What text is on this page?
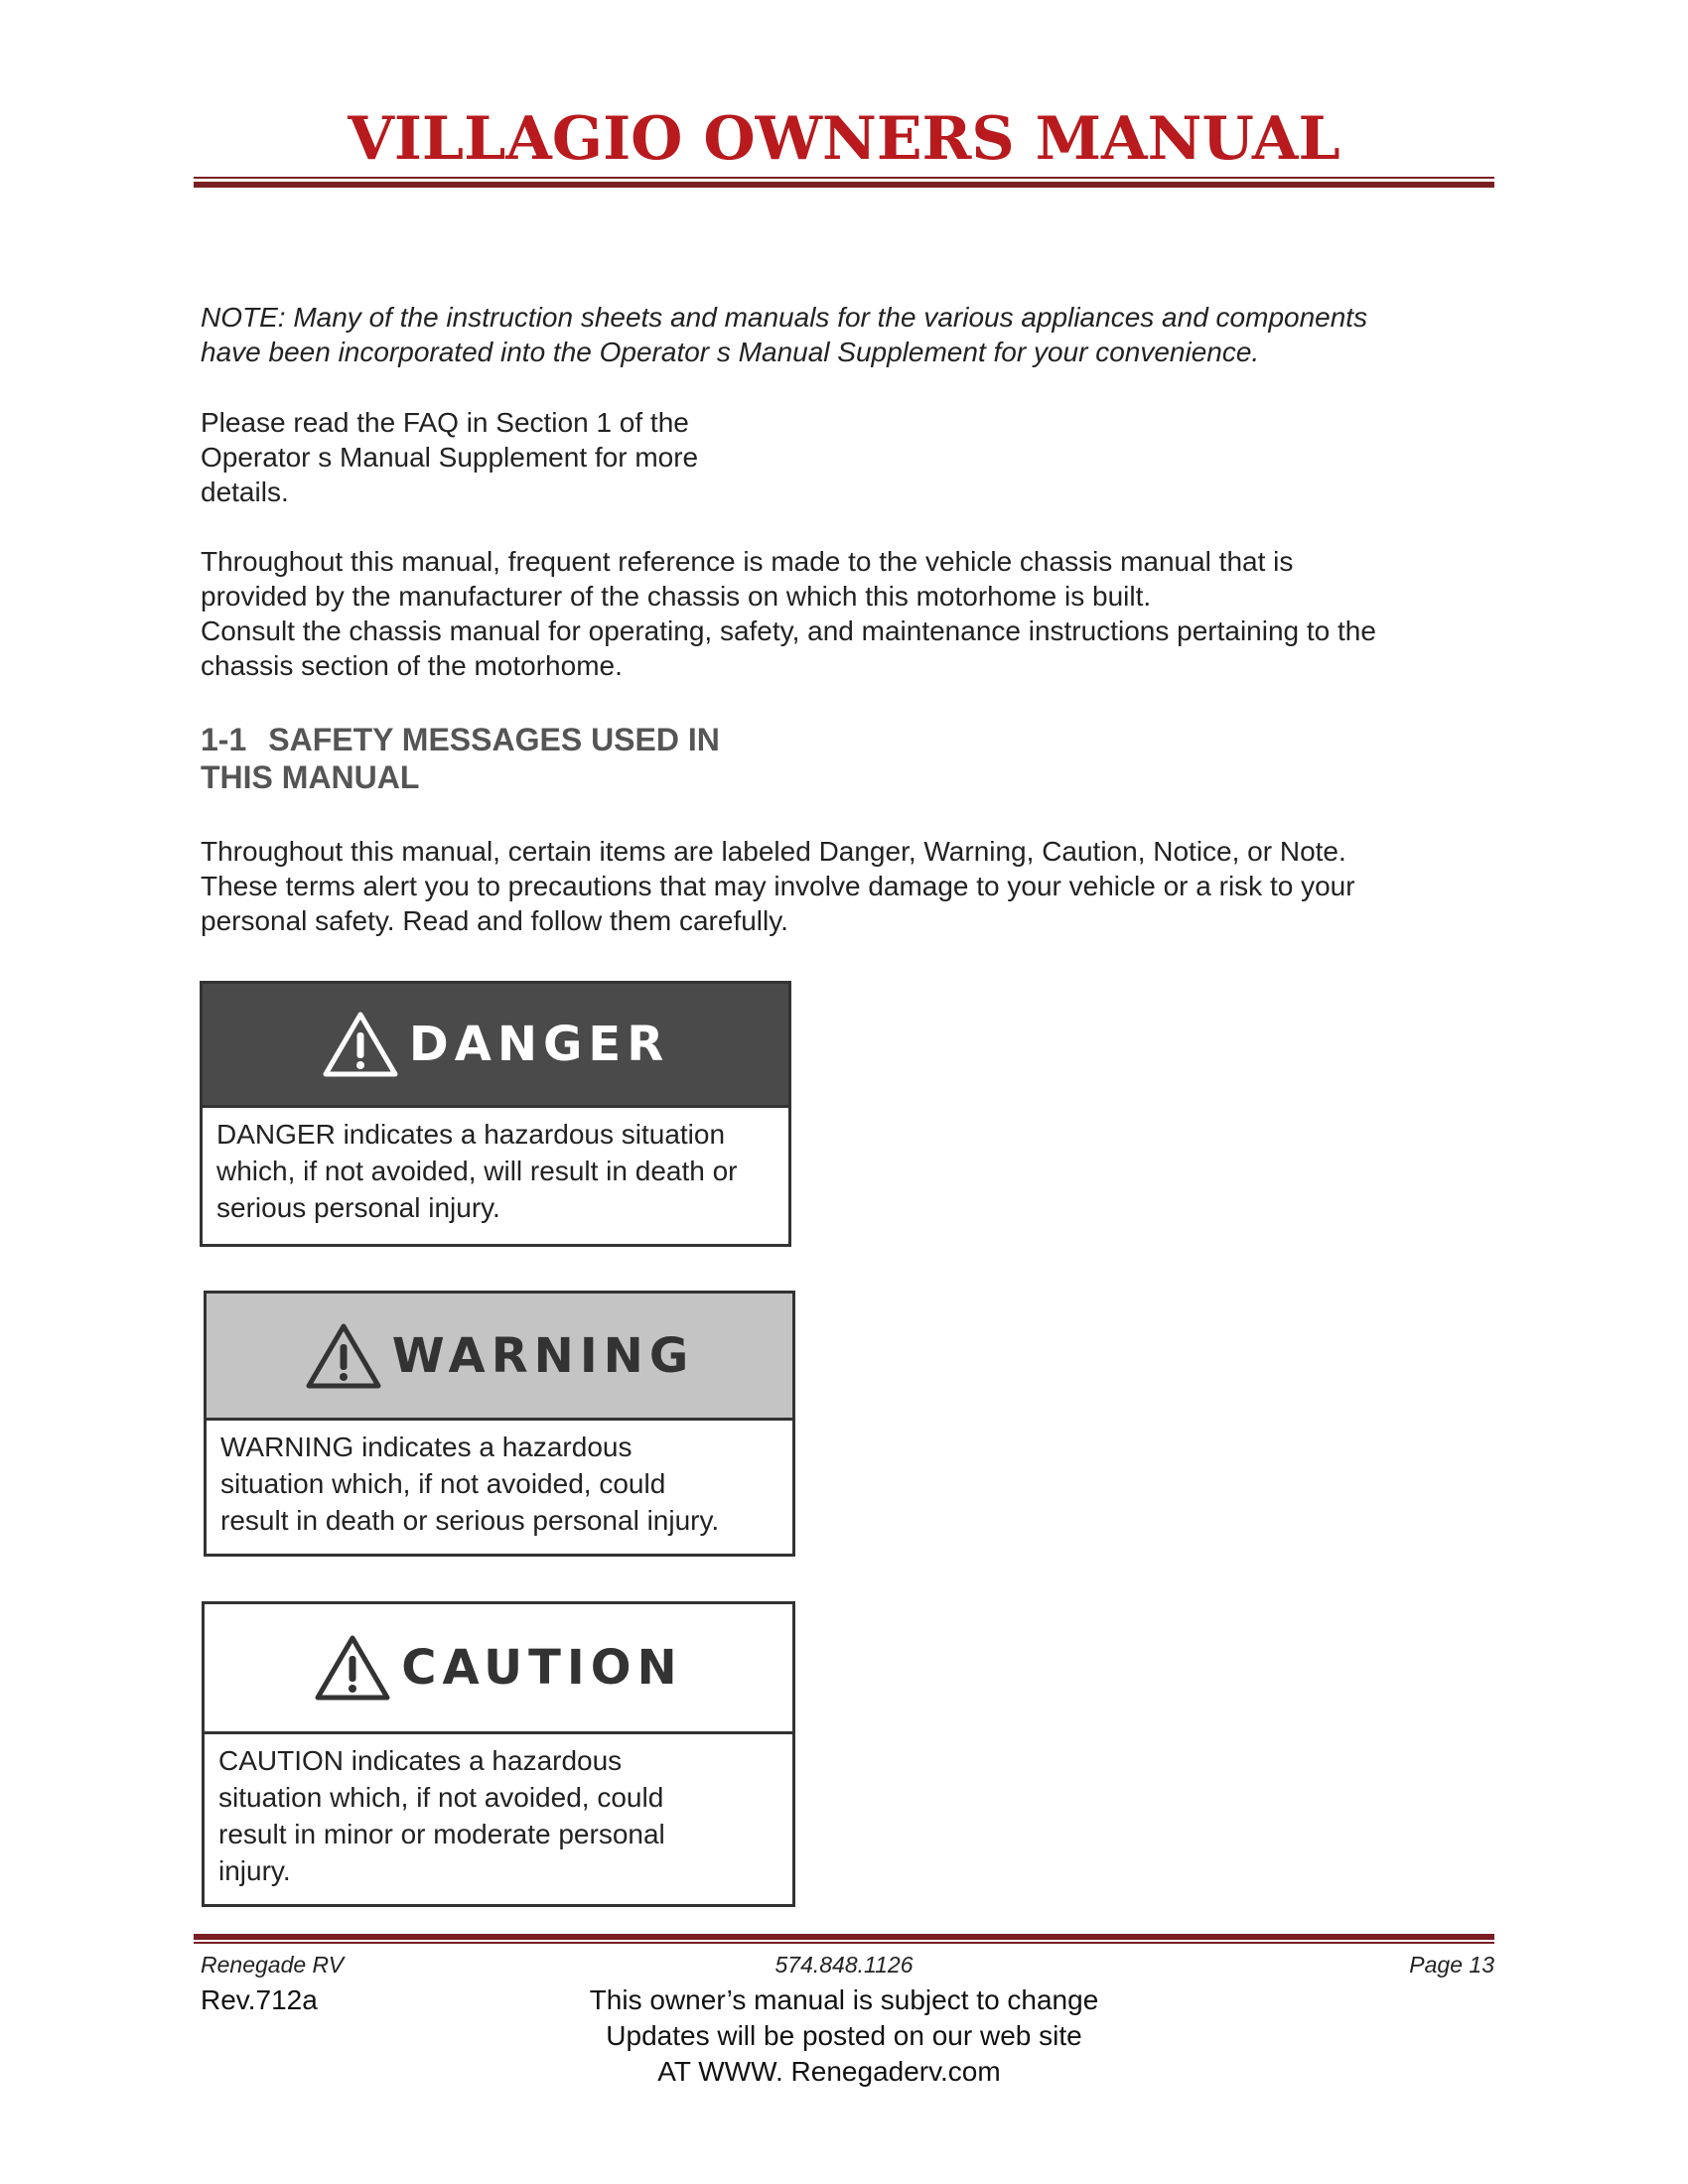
VILLAGIO OWNERS MANUAL
NOTE: Many of the instruction sheets and manuals for the various appliances and components
have been incorporated into the Operator s Manual Supplement for your convenience.
Please read the FAQ in Section 1 of the
Operator s Manual Supplement for more
details.
Throughout this manual, frequent reference is made to the vehicle chassis manual that is
provided by the manufacturer of the chassis on which this motorhome is built.
Consult the chassis manual for operating, safety, and maintenance instructions pertaining to the
chassis section of the motorhome.
1-1 SAFETY MESSAGES USED IN
THIS MANUAL
Throughout this manual, certain items are labeled Danger, Warning, Caution, Notice, or Note.
These terms alert you to precautions that may involve damage to your vehicle or a risk to your
personal safety. Read and follow them carefully.
DANGER
DANGER indicates a hazardous situation
which, if not avoided, will result in death or
serious personal injury.
WARNING
WARNING indicates a hazardous
situation which, if not avoided, could
result in death or serious personal injury.
CAUTION
CAUTION indicates a hazardous
situation which, if not avoided, could
result in minor or moderate personal
injury.
Renegade RV	574.848.1126	Page 13
Rev.712a	This owner’s manual is subject to change
Updates will be posted on our web site
AT WWW. Renegaderv.com
